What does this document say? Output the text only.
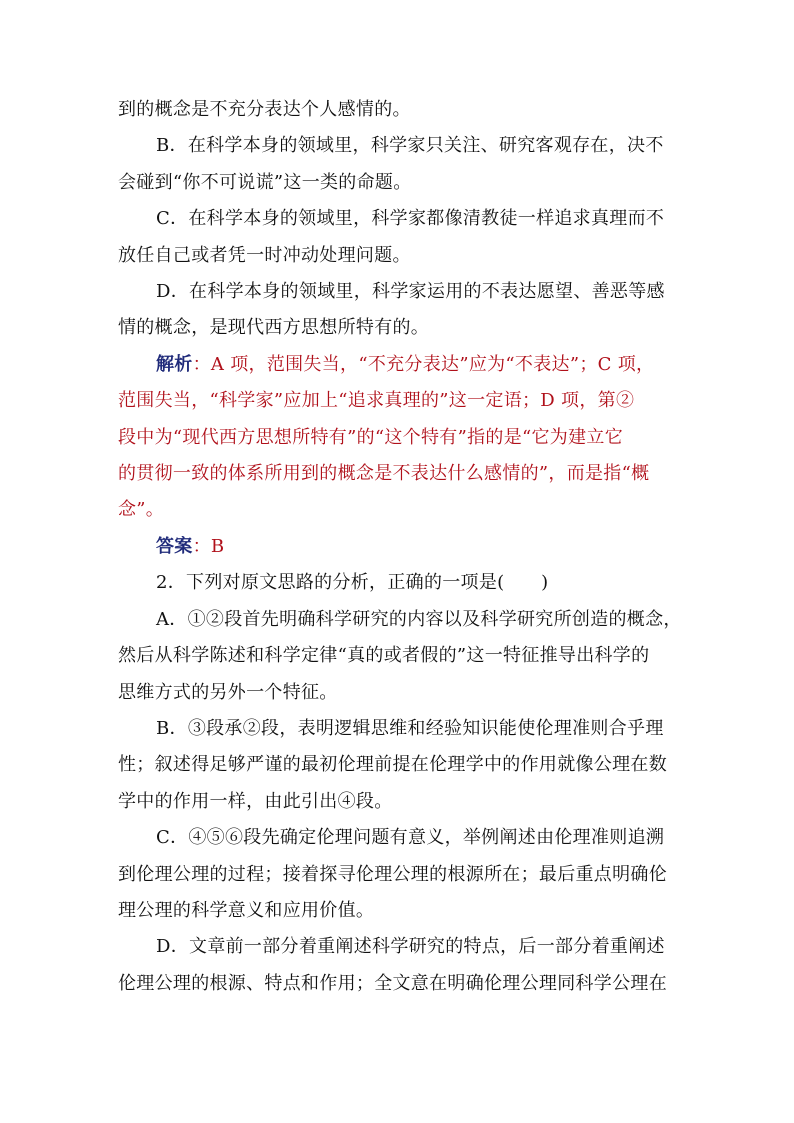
到的概念是不充分表达个人感情的。
B．在科学本身的领域里，科学家只关注、研究客观存在，决不
会碰到“你不可说谎”这一类的命题。
C．在科学本身的领域里，科学家都像清教徒一样追求真理而不
放任自己或者凭一时冲动处理问题。
D．在科学本身的领域里，科学家运用的不表达愿望、善恶等感
情的概念，是现代西方思想所特有的。
解析：A 项，范围失当，“不充分表达”应为“不表达”；C 项，
范围失当，“科学家”应加上“追求真理的”这一定语；D 项，第②
段中为“现代西方思想所特有”的“这个特有”指的是“它为建立它
的贯彻一致的体系所用到的概念是不表达什么感情的”，而是指“概
念”。
答案：B
2．下列对原文思路的分析，正确的一项是(　　)
A．①②段首先明确科学研究的内容以及科学研究所创造的概念，
然后从科学陈述和科学定律“真的或者假的”这一特征推导出科学的
思维方式的另外一个特征。
B．③段承②段，表明逻辑思维和经验知识能使伦理准则合乎理
性；叙述得足够严谨的最初伦理前提在伦理学中的作用就像公理在数
学中的作用一样，由此引出④段。
C．④⑤⑥段先确定伦理问题有意义，举例阐述由伦理准则追溯
到伦理公理的过程；接着探寻伦理公理的根源所在；最后重点明确伦
理公理的科学意义和应用价值。
D．文章前一部分着重阐述科学研究的特点，后一部分着重阐述
伦理公理的根源、特点和作用；全文意在明确伦理公理同科学公理在
